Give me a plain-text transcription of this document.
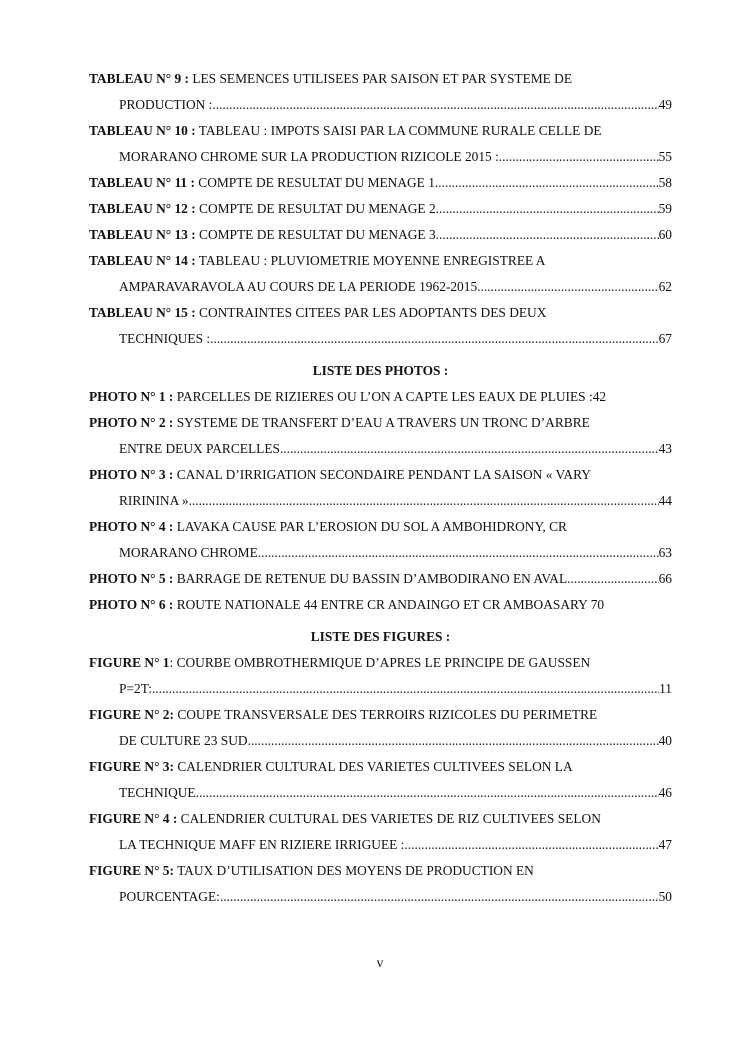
TABLEAU N° 9 : LES SEMENCES UTILISEES PAR SAISON ET PAR SYSTEME DE
PRODUCTION : .....	49
TABLEAU N° 10 : TABLEAU : IMPOTS SAISI PAR LA COMMUNE RURALE CELLE DE
MORARANO CHROME SUR LA PRODUCTION RIZICOLE 2015 : .....	55
TABLEAU N° 11 : COMPTE DE RESULTAT DU MENAGE 1 .....	58
TABLEAU N° 12 : COMPTE DE RESULTAT DU MENAGE 2 .....	59
TABLEAU N° 13 : COMPTE DE RESULTAT DU MENAGE 3 .....	60
TABLEAU N° 14 : TABLEAU : PLUVIOMETRIE MOYENNE ENREGISTREE A
AMPARAVARAVOLA AU COURS DE LA PERIODE 1962-2015 .....	62
TABLEAU N° 15 : CONTRAINTES CITEES PAR LES ADOPTANTS DES DEUX
TECHNIQUES : .....	67
LISTE DES PHOTOS :
PHOTO N° 1 : PARCELLES DE RIZIERES OU L’ON A CAPTE LES EAUX DE PLUIES :42
PHOTO N° 2 : SYSTEME DE TRANSFERT D’EAU A TRAVERS UN TRONC D’ARBRE
ENTRE DEUX PARCELLES .....	43
PHOTO N° 3 : CANAL D’IRRIGATION SECONDAIRE PENDANT LA SAISON « VARY
RIRININA » .....	44
PHOTO N° 4 : LAVAKA CAUSE PAR L’EROSION DU SOL A AMBOHIDRONY, CR
MORARANO CHROME .....	63
PHOTO N° 5 : BARRAGE DE RETENUE DU BASSIN D’AMBODIRANO EN AVAL .....	66
PHOTO N° 6 : ROUTE NATIONALE 44 ENTRE CR ANDAINGO ET CR AMBOASARY 70
LISTE DES FIGURES :
FIGURE N° 1: COURBE OMBROTHERMIQUE D’APRES LE PRINCIPE DE GAUSSEN
P=2T: .....	11
FIGURE N° 2: COUPE TRANSVERSALE DES TERROIRS RIZICOLES DU PERIMETRE
DE CULTURE 23 SUD .....	40
FIGURE N° 3: CALENDRIER CULTURAL DES VARIETES CULTIVEES SELON LA
TECHNIQUE .....	46
FIGURE N° 4 : CALENDRIER CULTURAL DES VARIETES DE RIZ CULTIVEES SELON
LA TECHNIQUE MAFF EN RIZIERE IRRIGUEE : .....	47
FIGURE N° 5: TAUX D’UTILISATION DES MOYENS DE PRODUCTION EN
POURCENTAGE: .....	50
v
